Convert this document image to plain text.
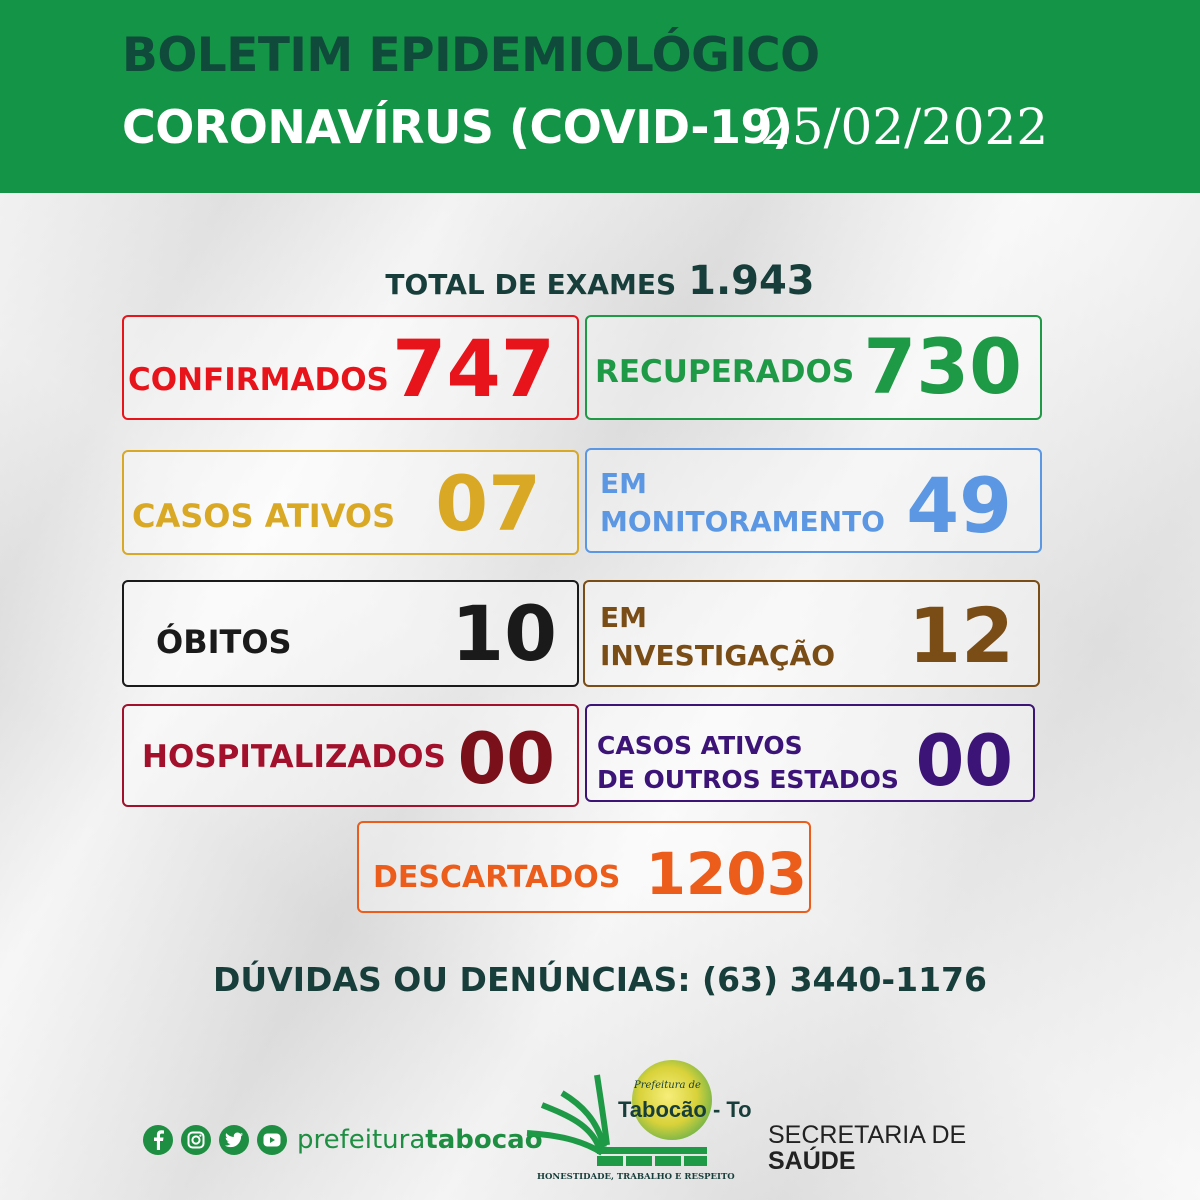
BOLETIM EPIDEMIOLÓGICO
CORONAVÍRUS (COVID-19)
25/02/2022
TOTAL DE EXAMES 1.943
CONFIRMADOS 747 RECUPERADOS 730
CASOS ATIVOS 07 EM
MONITORAMENTO 49
ÓBITOS 10 EM
INVESTIGAÇÃO 12
HOSPITALIZADOS 00 CASOS ATIVOS
DE OUTROS ESTADOS 00
DESCARTADOS 1203
DÚVIDAS OU DENÚNCIAS: (63) 3440-1176
prefeituratabocao
Prefeitura de
Tabocão - To
HONESTIDADE, TRABALHO E RESPEITO
SECRETARIA DE
SAÚDE
